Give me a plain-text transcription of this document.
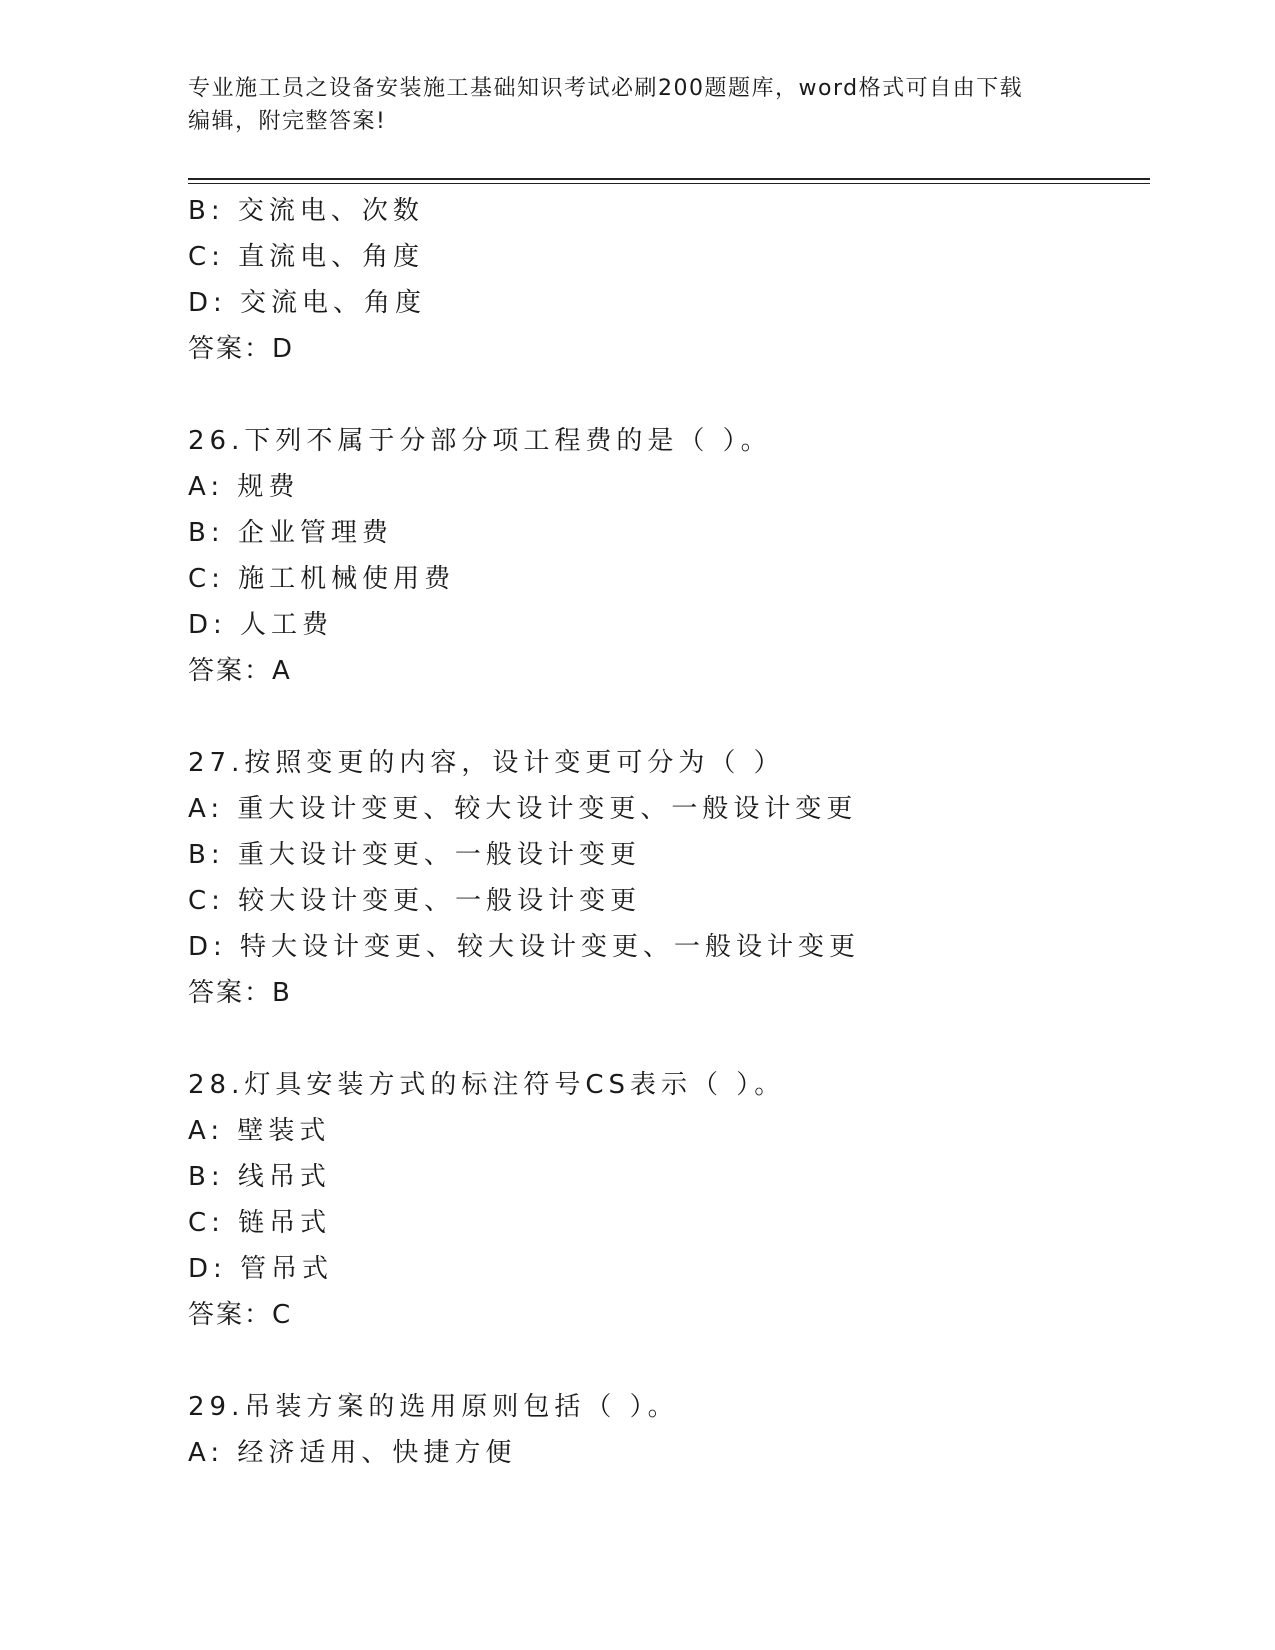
专业施工员之设备安装施工基础知识考试必刷200题题库，word格式可自由下载
编辑，附完整答案!
B: 交流电、次数
C: 直流电、角度
D: 交流电、角度
答案：D
26.下列不属于分部分项工程费的是（ ）。
A: 规费
B: 企业管理费
C: 施工机械使用费
D: 人工费
答案：A
27.按照变更的内容，设计变更可分为（ ）
A: 重大设计变更、较大设计变更、一般设计变更
B: 重大设计变更、一般设计变更
C: 较大设计变更、一般设计变更
D: 特大设计变更、较大设计变更、一般设计变更
答案：B
28.灯具安装方式的标注符号CS表示（ ）。
A: 壁装式
B: 线吊式
C: 链吊式
D: 管吊式
答案：C
29.吊装方案的选用原则包括（ ）。
A: 经济适用、快捷方便
